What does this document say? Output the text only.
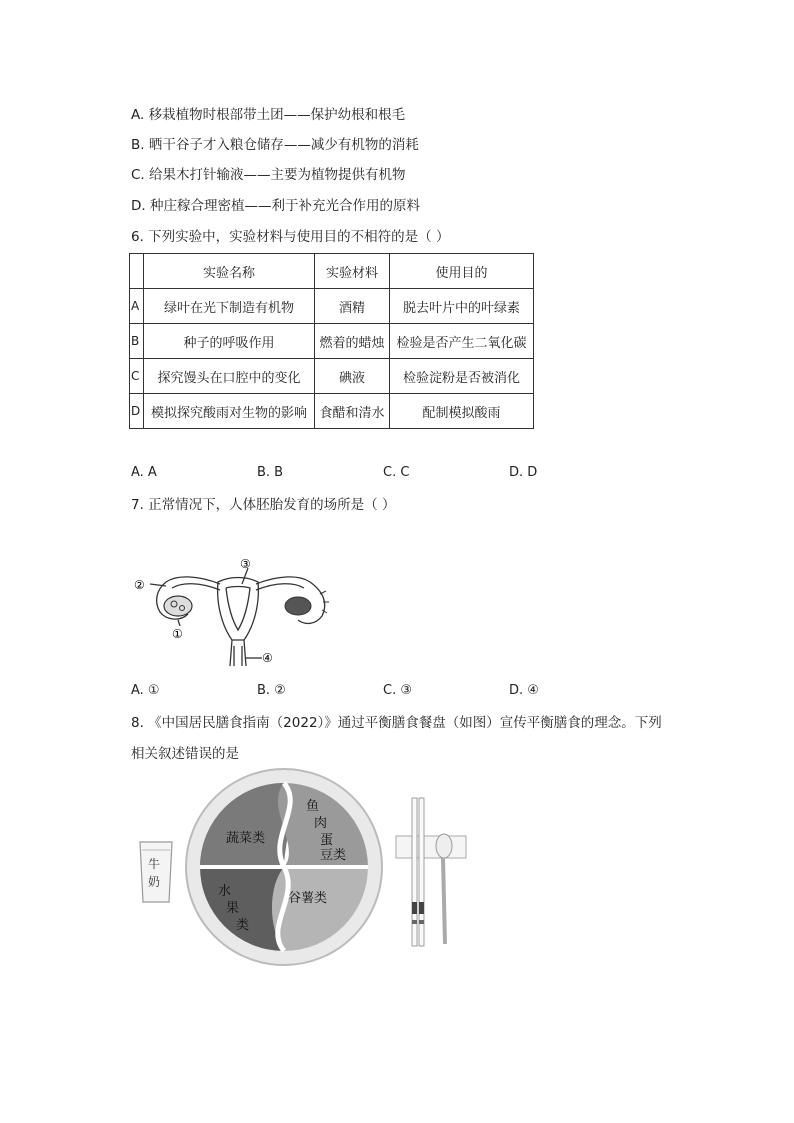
A. 移栽植物时根部带土团——保护幼根和根毛
B. 晒干谷子才入粮仓储存——减少有机物的消耗
C. 给果木打针输液——主要为植物提供有机物
D. 种庄稼合理密植——利于补充光合作用的原料
6. 下列实验中，实验材料与使用目的不相符的是（ ）
	实验名称	实验材料	使用目的
A	绿叶在光下制造有机物	酒精	脱去叶片中的叶绿素
B	种子的呼吸作用	燃着的蜡烛	检验是否产生二氧化碳
C	探究馒头在口腔中的变化	碘液	检验淀粉是否被消化
D	模拟探究酸雨对生物的影响	食醋和清水	配制模拟酸雨
A. A	B. B	C. C	D. D
7. 正常情况下，人体胚胎发育的场所是（ ）
③
②
①
④
A. ①	B. ②	C. ③	D. ④
8. 《中国居民膳食指南（2022）》通过平衡膳食餐盘（如图）宣传平衡膳食的理念。下列
相关叙述错误的是
牛
奶
蔬菜类
鱼
肉
蛋
豆类
谷薯类
水
果
类
